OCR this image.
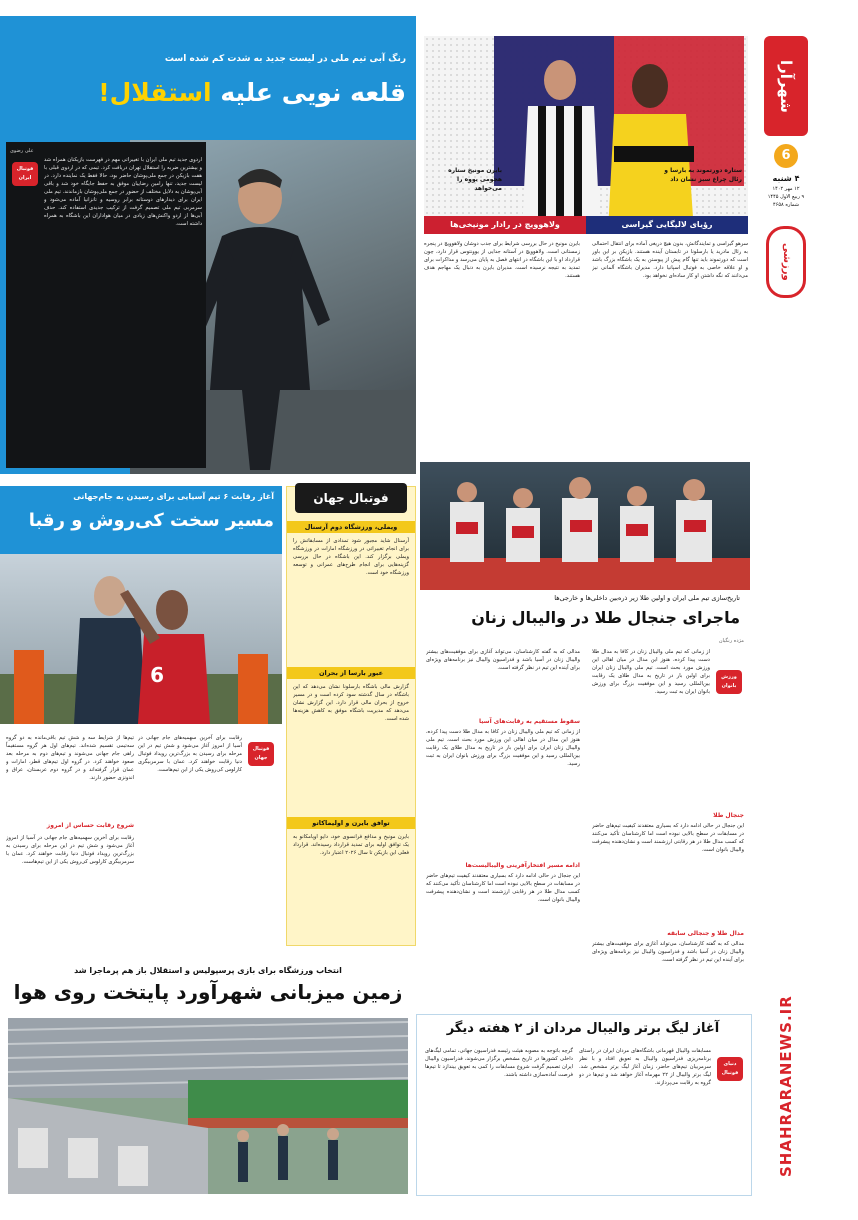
شهرآرا
6
۴ شنبه
۱۲ مهر ۱۴۰۲
۹ ربیع الاول ۱۴۴۵
شماره ۴۶۵۸
ورزشی
SHAHRARANEWS.IR
رنگ آبی تیم ملی در لیست جدید به شدت کم شده است
قلعه نویی علیه استقلال!
علی رضوی
فوتبال ایران
اردوی جدید تیم ملی ایران با تغییراتی مهم در فهرست بازیکنان همراه شد و بیشترین ضربه را استقلال تهران دریافت کرد. تیمی که در اردوی قبلی با هفت بازیکن در جمع ملی‌پوشان حاضر بود، حالا فقط یک نماینده دارد. در لیست جدید، تنها رامین رضاییان موفق به حفظ جایگاه خود شد و باقی آبی‌پوشان به دلایل مختلف از حضور در جمع ملی‌پوشان بازماندند. تیم ملی ایران برای دیدارهای دوستانه برابر روسیه و تانزانیا آماده می‌شود و سرمربی تیم ملی تصمیم گرفت از ترکیب جدیدی استفاده کند. حذف آبی‌ها از اردو واکنش‌های زیادی در میان هواداران این باشگاه به همراه داشته است.
ستاره دورتموند به بارسا و رئال چراغ سبز نشان داد
بایرن مونیخ ستاره هجومی یووه را می‌خواهد
رؤیای لالیگایی گیراسی
ولاهوویچ در رادار مونیخی‌ها
سرهو گیراسی و تمایندگانش، بدون هیچ دریغی آماده برای انتقال احتمالی به رئال مادرید یا بارسلونا در تابستان آینده هستند. بازیکن بر این باور است که دورتموند باید تنها گام پیش از پیوستن به یک باشگاه بزرگ باشد و او علاقه خاصی به فوتبال اسپانیا دارد. مدیران باشگاه آلمانی نیز می‌دانند که نگه داشتن او کار ساده‌ای نخواهد بود.
بایرن مونیخ در حال بررسی شرایط برای جذب دوشان ولاهوویچ در پنجره زمستانی است. ولاهوویچ در آستانه جدایی از یوونتوس قرار دارد، چون قرارداد او با این باشگاه در انتهای فصل به پایان می‌رسد و مذاکرات برای تمدید به نتیجه نرسیده است. مدیران بایرن به دنبال یک مهاجم هدف هستند.
تاریخ‌سازی تیم ملی ایران و اولین طلا زیر ذره‌بین داخلی‌ها و خارجی‌ها
ماجرای جنجال طلا در والیبال زنان
مژده رنگیان
ورزش بانوان
از زمانی که تیم ملی والیبال زنان در کافا به مدال طلا دست پیدا کرده، هنوز این مدال در میان اهالی این ورزش مورد بحث است. تیم ملی والیبال زنان ایران برای اولین بار در تاریخ به مدال طلای یک رقابت بین‌المللی رسید و این موفقیت بزرگ برای ورزش بانوان ایران به ثبت رسید.
جنجال طلا
این جنجال در حالی ادامه دارد که بسیاری معتقدند کیفیت تیم‌های حاضر در مسابقات در سطح بالایی نبوده است اما کارشناسان تأکید می‌کنند که کسب مدال طلا در هر رقابتی ارزشمند است و نشان‌دهنده پیشرفت والیبال بانوان است.
مدال طلا و جنجالی سابقه
مدالی که به گفته کارشناسان، می‌تواند آغازی برای موفقیت‌های بیشتر والیبال زنان در آسیا باشد و فدراسیون والیبال نیز برنامه‌های ویژه‌ای برای آینده این تیم در نظر گرفته است.
مدالی که به گفته کارشناسان، می‌تواند آغازی برای موفقیت‌های بیشتر والیبال زنان در آسیا باشد و فدراسیون والیبال نیز برنامه‌های ویژه‌ای برای آینده این تیم در نظر گرفته است.
سقوط مستقیم به رقابت‌های آسیا
از زمانی که تیم ملی والیبال زنان در کافا به مدال طلا دست پیدا کرده، هنوز این مدال در میان اهالی این ورزش مورد بحث است. تیم ملی والیبال زنان ایران برای اولین بار در تاریخ به مدال طلای یک رقابت بین‌المللی رسید و این موفقیت بزرگ برای ورزش بانوان ایران به ثبت رسید.
ادامه مسیر افتخارآفرینی والیبالیست‌ها
این جنجال در حالی ادامه دارد که بسیاری معتقدند کیفیت تیم‌های حاضر در مسابقات در سطح بالایی نبوده است اما کارشناسان تأکید می‌کنند که کسب مدال طلا در هر رقابتی ارزشمند است و نشان‌دهنده پیشرفت والیبال بانوان است.
فوتبال جهان
ویملی، ورزشگاه دوم آرسنال
آرسنال شاید مجبور شود تمدادی از مسابقاتش را برای انجام تغییراتی در ورزشگاه امارات در ورزشگاه ویملی برگزار کند. این باشگاه در حال بررسی گزینه‌هایی برای انجام طرح‌های عمرانی و توسعه ورزشگاه خود است.
عبور بارسا از بحران
گزارش مالی باشگاه بارسلونا نشان می‌دهد که این باشگاه در سال گذشته سود کرده است و در مسیر خروج از بحران مالی قرار دارد. این گزارش نشان می‌دهد که مدیریت باشگاه موفق به کاهش هزینه‌ها شده است.
توافق بایرن و اولیماکاتو
بایرن مونیخ و مدافع فرانسوی خود، دایو اوپامکانو به یک توافق اولیه برای تمدید قرارداد رسیده‌اند. قرارداد فعلی این بازیکن تا سال ۲۰۲۶ اعتبار دارد.
آغاز رقابت ۶ تیم آسیایی برای رسیدن به جام‌جهانی
مسیر سخت کی‌روش و رقبا
6
فوتبال جهان
رقابت برای آخرین سهمیه‌های جام جهانی در آسیا از امروز آغاز می‌شود و شش تیم در این مرحله برای رسیدن به بزرگ‌ترین رویداد فوتبال دنیا رقابت خواهند کرد. عمان با سرمربیگری کارلوس کی‌روش یکی از این تیم‌هاست.
شروع رقابت حساس از امروز
تیم‌ها از شرایط سه و شش تیم باقی‌مانده به دو گروه سه‌تیمی تقسیم شده‌اند. تیم‌های اول هر گروه مستقیماً راهی جام جهانی می‌شوند و تیم‌های دوم به مرحله بعد صعود خواهند کرد. در گروه اول تیم‌های قطر، امارات و عمان قرار گرفته‌اند و در گروه دوم عربستان، عراق و اندونزی حضور دارند.
رقابت برای آخرین سهمیه‌های جام جهانی در آسیا از امروز آغاز می‌شود و شش تیم در این مرحله برای رسیدن به بزرگ‌ترین رویداد فوتبال دنیا رقابت خواهند کرد. عمان با سرمربیگری کارلوس کی‌روش یکی از این تیم‌هاست.
انتخاب ورزشگاه برای بازی پرسپولیس و استقلال باز هم پرماجرا شد
زمین میزبانی شهرآورد پایتخت روی هوا
آغاز لیگ برتر والیبال مردان از ۲ هفته دیگر
دنیای فوتبال
مسابقات والیبال قهرمانی باشگاه‌های مردان ایران در راستای برنامه‌ریزی فدراسیون والیبال به تعویق افتاد و با نظر سرمربیان تیم‌های حاضر، زمان آغاز لیگ برتر مشخص شد. لیگ برتر والیبال از ۲۲ مهرماه آغاز خواهد شد و تیم‌ها در دو گروه به رقابت می‌پردازند.
گرچه باتوجه به مصوبه هیئت رئیسه فدراسیون جهانی، تمامی لیگ‌های داخلی کشورها در تاریخ مشخص برگزار می‌شوند، فدراسیون والیبال ایران تصمیم گرفت شروع مسابقات را کمی به تعویق بیندازد تا تیم‌ها فرصت آماده‌سازی داشته باشند.
